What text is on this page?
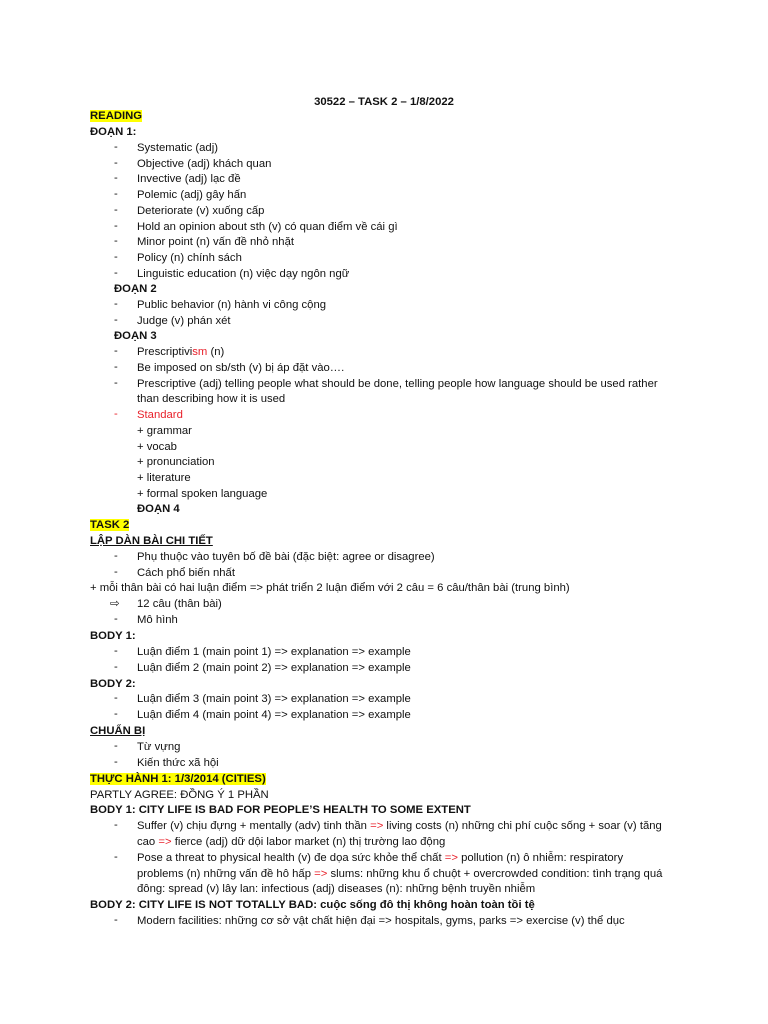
30522 – TASK 2 – 1/8/2022
READING
ĐOẠN 1:
-	Systematic (adj)
-	Objective (adj) khách quan
-	Invective (adj) lạc đề
-	Polemic (adj) gây hấn
-	Deteriorate (v) xuống cấp
-	Hold an opinion about sth (v) có quan điểm về cái gì
-	Minor point (n) vấn đề nhỏ nhặt
-	Policy (n) chính sách
-	Linguistic education (n) việc dạy ngôn ngữ
ĐOẠN 2
-	Public behavior (n) hành vi công cộng
-	Judge (v) phán xét
ĐOẠN 3
-	Prescriptivism (n)
-	Be imposed on sb/sth (v) bị áp đặt vào….
-	Prescriptive (adj) telling people what should be done, telling people how language should be used rather
than describing how it is used
-	Standard
+ grammar
+ vocab
+ pronunciation
+ literature
+ formal spoken language
ĐOẠN 4
TASK 2
LẬP DÀN BÀI CHI TIẾT
-	Phụ thuộc vào tuyên bố đề bài (đặc biệt: agree or disagree)
-	Cách phổ biến nhất
+ mỗi thân bài có hai luận điểm => phát triển 2 luận điểm với 2 câu = 6 câu/thân bài (trung bình)
⇨ 12 câu (thân bài)
-	Mô hình
BODY 1:
-	Luận điểm 1 (main point 1) => explanation => example
-	Luận điểm 2 (main point 2) => explanation => example
BODY 2:
-	Luận điểm 3 (main point 3) => explanation => example
-	Luận điểm 4 (main point 4) => explanation => example
CHUẨN BỊ
-	Từ vựng
-	Kiến thức xã hội
THỰC HÀNH 1: 1/3/2014 (CITIES)
PARTLY AGREE: ĐỒNG Ý 1 PHẦN
BODY 1: CITY LIFE IS BAD FOR PEOPLE’S HEALTH TO SOME EXTENT
-	Suffer (v) chịu đựng + mentally (adv) tinh thần => living costs (n) những chi phí cuộc sống + soar (v) tăng
cao => fierce (adj) dữ dội labor market (n) thị trường lao động
-	Pose a threat to physical health (v) đe dọa sức khỏe thể chất => pollution (n) ô nhiễm: respiratory
problems (n) những vấn đề hô hấp => slums: những khu ổ chuột + overcrowded condition: tình trạng quá
đông: spread (v) lây lan: infectious (adj) diseases (n): những bệnh truyền nhiễm
BODY 2: CITY LIFE IS NOT TOTALLY BAD: cuộc sống đô thị không hoàn toàn tồi tệ
-	Modern facilities: những cơ sở vật chất hiện đại => hospitals, gyms, parks => exercise (v) thể dục
